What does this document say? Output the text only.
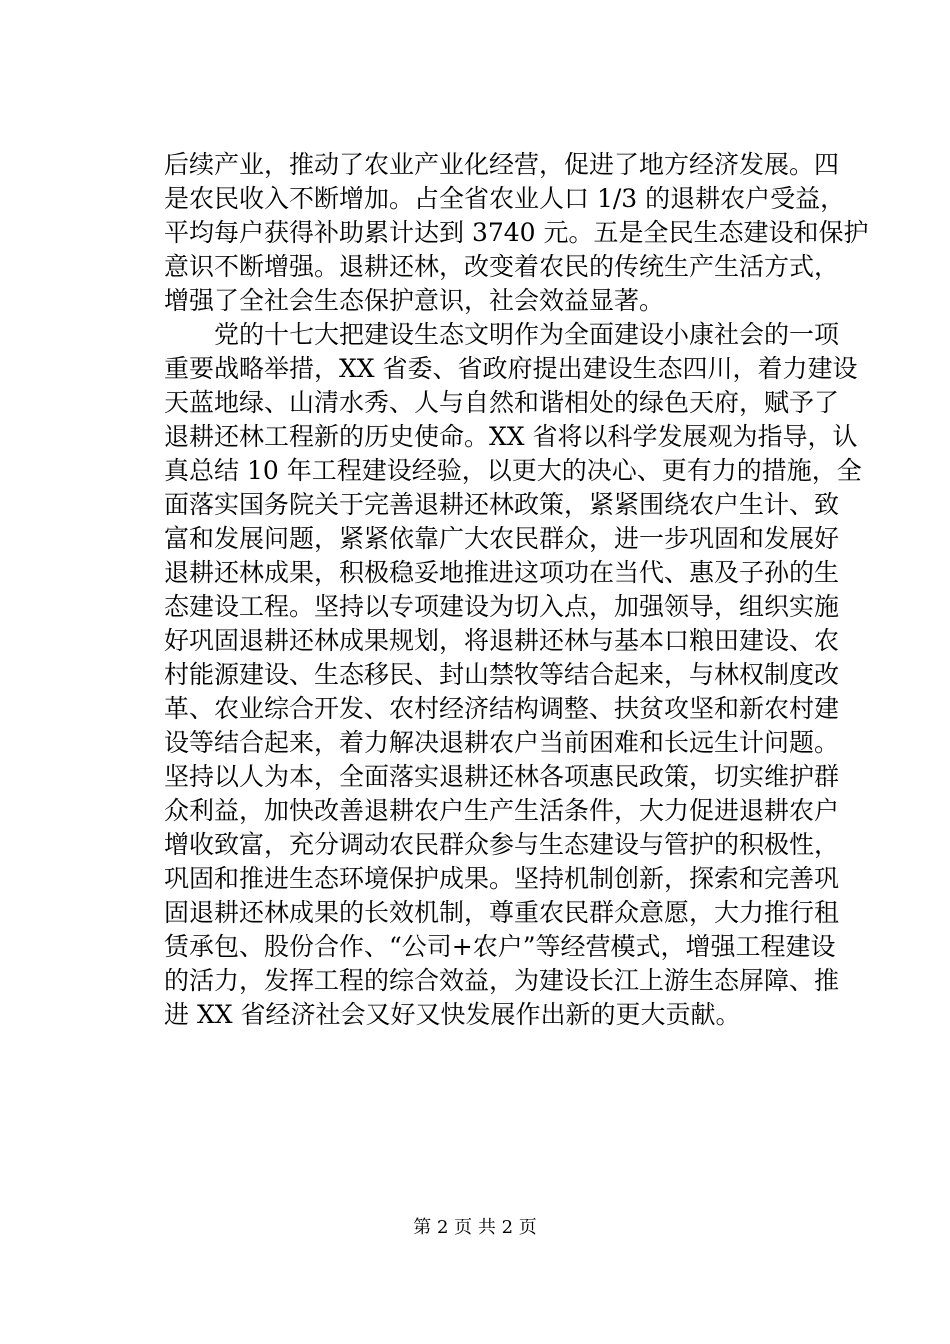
后续产业，推动了农业产业化经营，促进了地方经济发展。四
是农民收入不断增加。占全省农业人口 1/3 的退耕农户受益，
平均每户获得补助累计达到 3740 元。五是全民生态建设和保护
意识不断增强。退耕还林，改变着农民的传统生产生活方式，
增强了全社会生态保护意识，社会效益显著。
　　党的十七大把建设生态文明作为全面建设小康社会的一项
重要战略举措，XX 省委、省政府提出建设生态四川，着力建设
天蓝地绿、山清水秀、人与自然和谐相处的绿色天府，赋予了
退耕还林工程新的历史使命。XX 省将以科学发展观为指导，认
真总结 10 年工程建设经验，以更大的决心、更有力的措施，全
面落实国务院关于完善退耕还林政策，紧紧围绕农户生计、致
富和发展问题，紧紧依靠广大农民群众，进一步巩固和发展好
退耕还林成果，积极稳妥地推进这项功在当代、惠及子孙的生
态建设工程。坚持以专项建设为切入点，加强领导，组织实施
好巩固退耕还林成果规划，将退耕还林与基本口粮田建设、农
村能源建设、生态移民、封山禁牧等结合起来，与林权制度改
革、农业综合开发、农村经济结构调整、扶贫攻坚和新农村建
设等结合起来，着力解决退耕农户当前困难和长远生计问题。
坚持以人为本，全面落实退耕还林各项惠民政策，切实维护群
众利益，加快改善退耕农户生产生活条件，大力促进退耕农户
增收致富，充分调动农民群众参与生态建设与管护的积极性，
巩固和推进生态环境保护成果。坚持机制创新，探索和完善巩
固退耕还林成果的长效机制，尊重农民群众意愿，大力推行租
赁承包、股份合作、“公司+农户”等经营模式，增强工程建设
的活力，发挥工程的综合效益，为建设长江上游生态屏障、推
进 XX 省经济社会又好又快发展作出新的更大贡献。
第 2 页 共 2 页
